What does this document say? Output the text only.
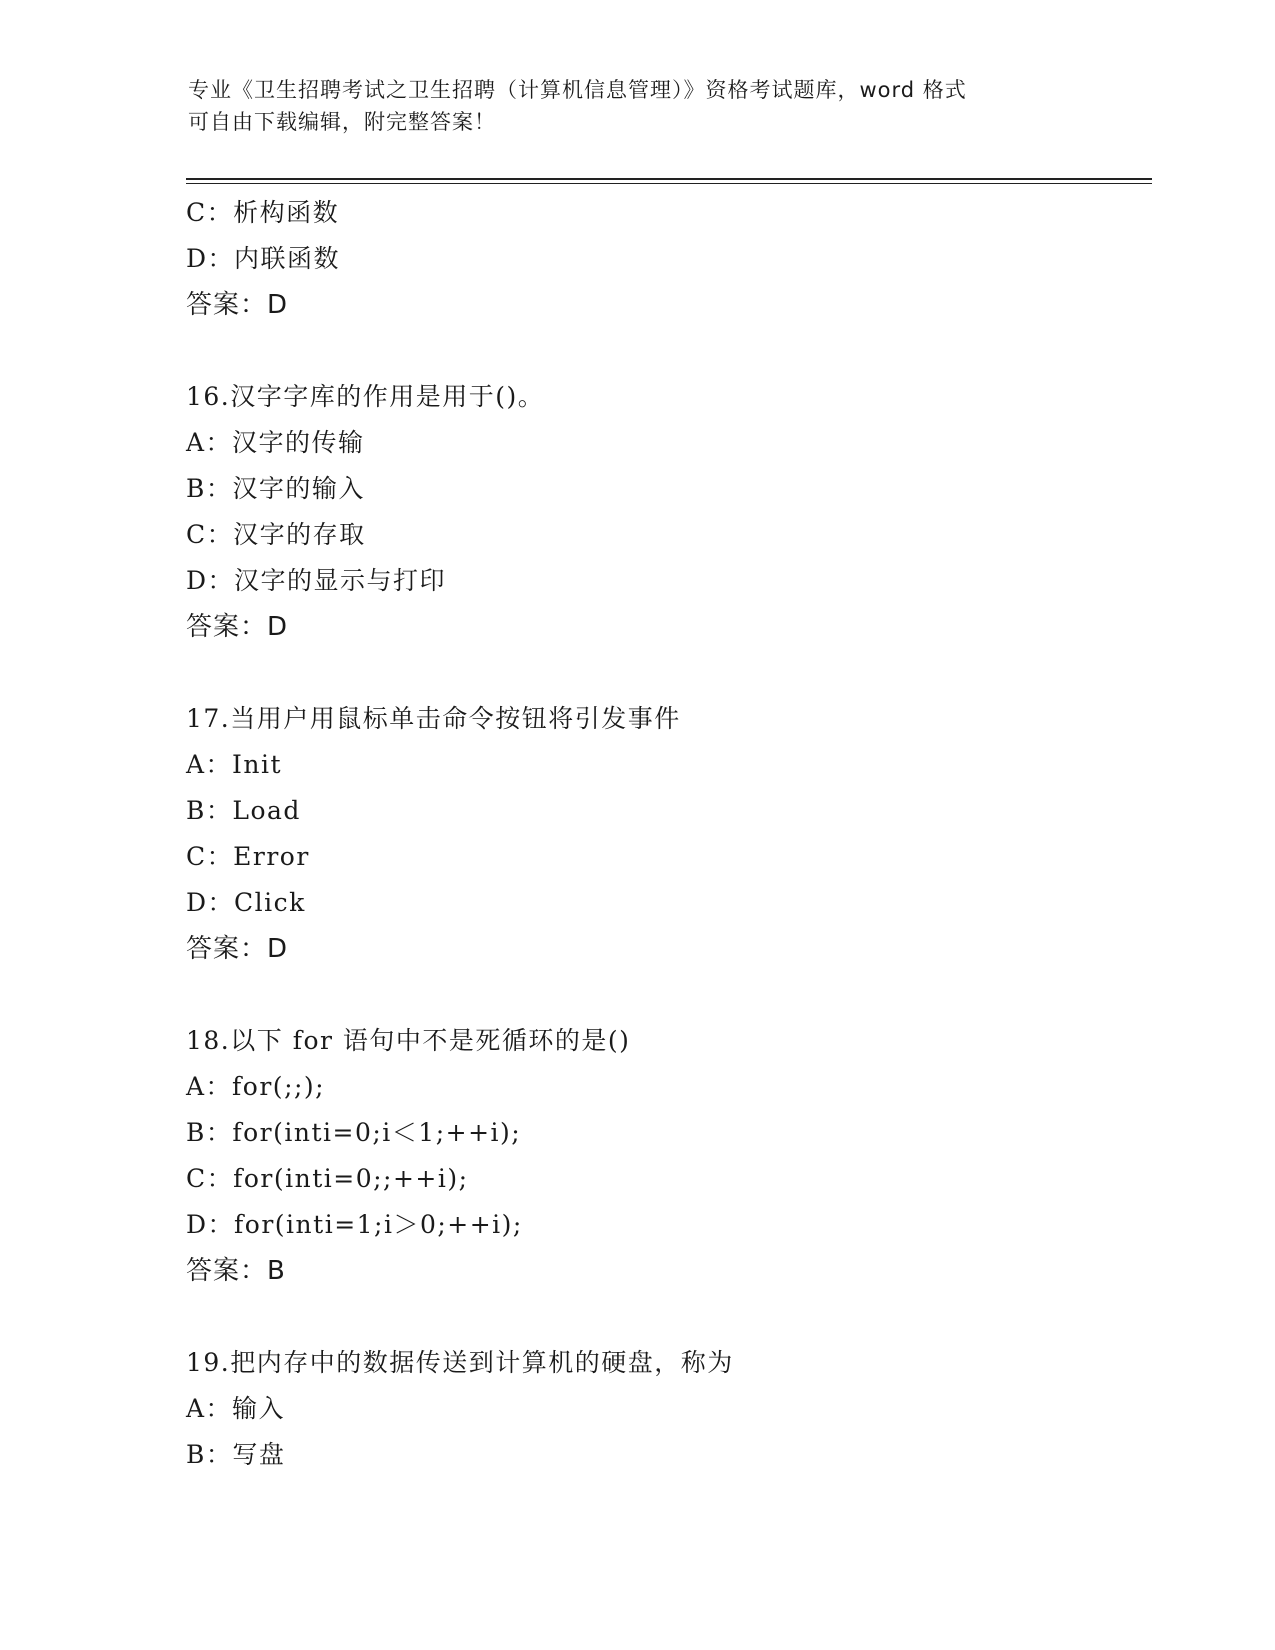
专业《卫生招聘考试之卫生招聘（计算机信息管理）》资格考试题库，word 格式
可自由下载编辑，附完整答案！
C：析构函数
D：内联函数
答案：D
16.汉字字库的作用是用于()。
A：汉字的传输
B：汉字的输入
C：汉字的存取
D：汉字的显示与打印
答案：D
17.当用户用鼠标单击命令按钮将引发事件
A：Init
B：Load
C：Error
D：Click
答案：D
18.以下 for 语句中不是死循环的是()
A：for(;;);
B：for(inti=0;i＜1;++i);
C：for(inti=0;;++i);
D：for(inti=1;i＞0;++i);
答案：B
19.把内存中的数据传送到计算机的硬盘，称为
A：输入
B：写盘
